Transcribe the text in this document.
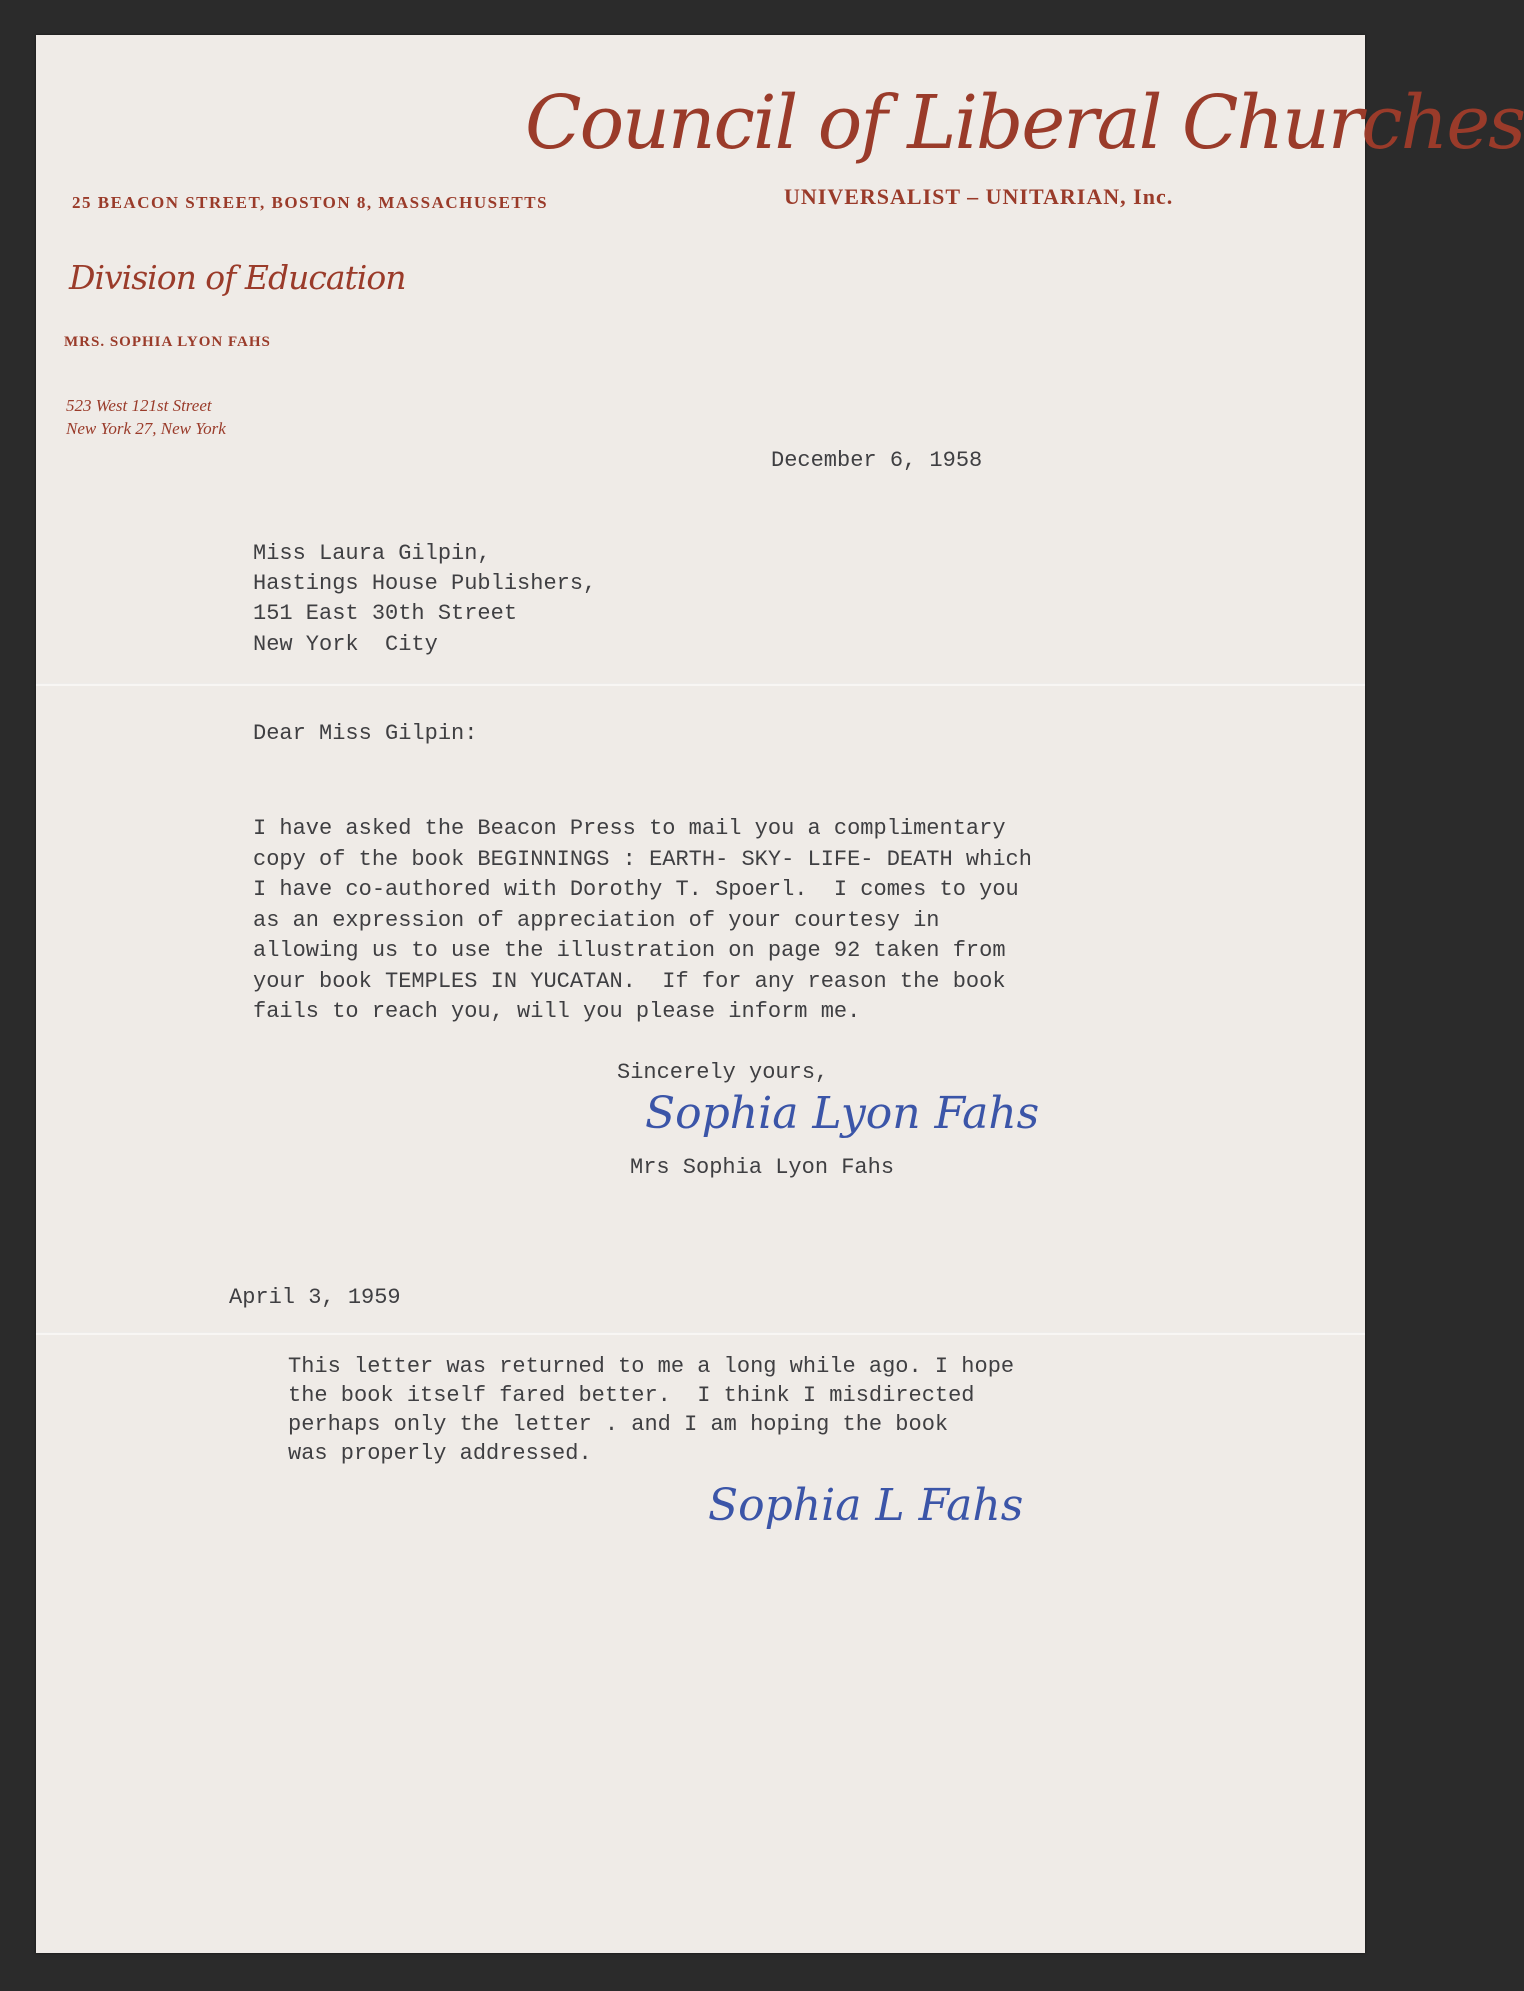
Council of Liberal Churches
25 BEACON STREET, BOSTON 8, MASSACHUSETTS	UNIVERSALIST – UNITARIAN, Inc.
Division of Education
MRS. SOPHIA LYON FAHS
523 West 121st Street
New York 27, New York
December 6, 1958
Miss Laura Gilpin,
Hastings House Publishers,
151 East 30th Street
New York  City
Dear Miss Gilpin:
I have asked the Beacon Press to mail you a complimentary
copy of the book BEGINNINGS : EARTH- SKY- LIFE- DEATH which
I have co-authored with Dorothy T. Spoerl.  I comes to you
as an expression of appreciation of your courtesy in
allowing us to use the illustration on page 92 taken from
your book TEMPLES IN YUCATAN.  If for any reason the book
fails to reach you, will you please inform me.
Sincerely yours,
Sophia Lyon Fahs
Mrs Sophia Lyon Fahs
April 3, 1959
This letter was returned to me a long while ago. I hope
the book itself fared better.  I think I misdirected
perhaps only the letter . and I am hoping the book
was properly addressed.
Sophia L Fahs
